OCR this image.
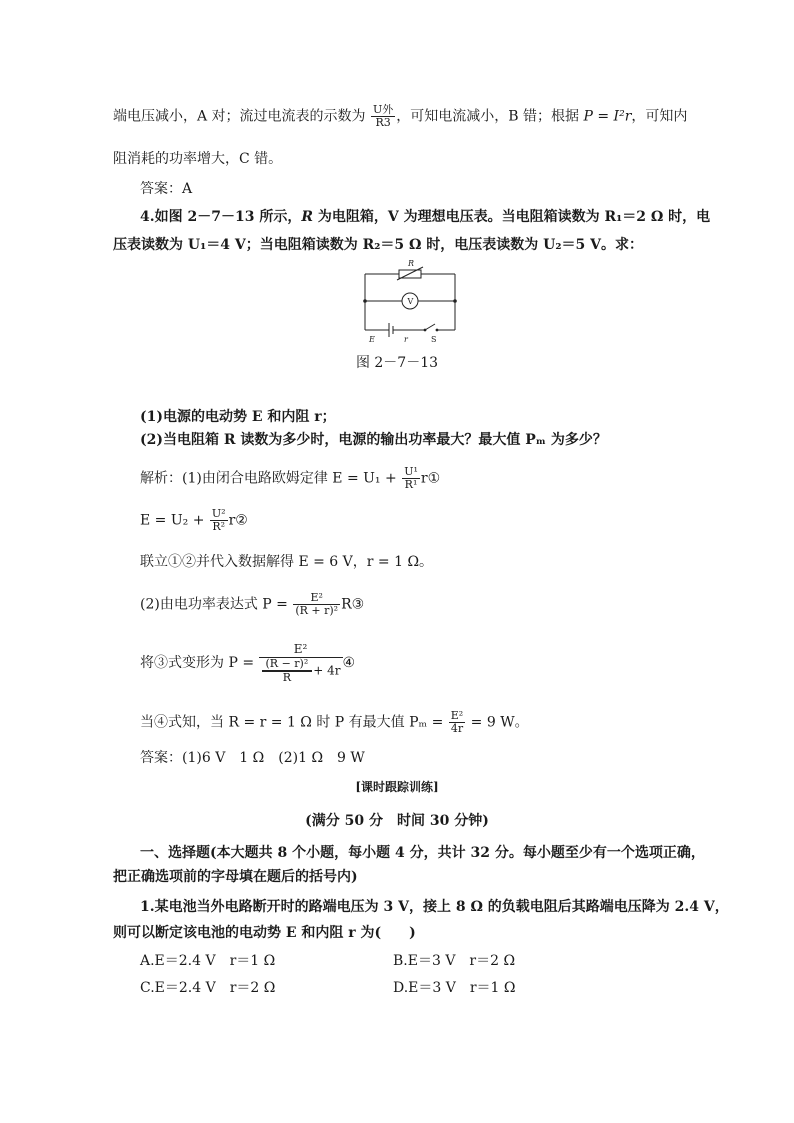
端电压减小，A 对；流过电流表的示数为 $\frac{\text{U外}}{R3}$ ，可知电流减小，B 错；根据 P = I²r，可知内
阻消耗的功率增大，C 错。
答案：A
4.如图 2－7－13 所示，R 为电阻箱，V 为理想电压表。当电阻箱读数为 R₁＝2 Ω 时，电
压表读数为 U₁＝4 V；当电阻箱读数为 R₂＝5 Ω 时，电压表读数为 U₂＝5 V。求：
R
V
E	r	S
图 2－7－13
(1)电源的电动势 E 和内阻 r；
(2)当电阻箱 R 读数为多少时，电源的输出功率最大？最大值 Pₘ 为多少？
解析：(1)由闭合电路欧姆定律 $E = U_1 + \frac{\text{U¹}}{\text{R¹}}$ r①
$E = U_2 + \frac{\text{U²}}{\text{R²}}$ r②
联立①②并代入数据解得 E = 6 V，r = 1 Ω。
(2)由电功率表达式 $P = \frac{\text{E²}}{\text{(R + r)²}}$ R③
将③式变形为 $P = \frac{\text{E²}}{\frac{\text{(R − r)²}}{R} + 4r}$ ④
当④式知，当 R = r = 1 Ω 时 P 有最大值 $P_m = \frac{\text{E²}}{4r} = 9$ W。
答案：(1)6 V　1 Ω　(2)1 Ω　9 W
[课时跟踪训练]
(满分 50 分　时间 30 分钟)
一、选择题(本大题共 8 个小题，每小题 4 分，共计 32 分。每小题至少有一个选项正确，
把正确选项前的字母填在题后的括号内)
1.某电池当外电路断开时的路端电压为 3 V，接上 8 Ω 的负载电阻后其路端电压降为 2.4 V，
则可以断定该电池的电动势 E 和内阻 r 为(　　)
A.E＝2.4 V　r＝1 Ω	B.E＝3 V　r＝2 Ω
C.E＝2.4 V　r＝2 Ω	D.E＝3 V　r＝1 Ω
